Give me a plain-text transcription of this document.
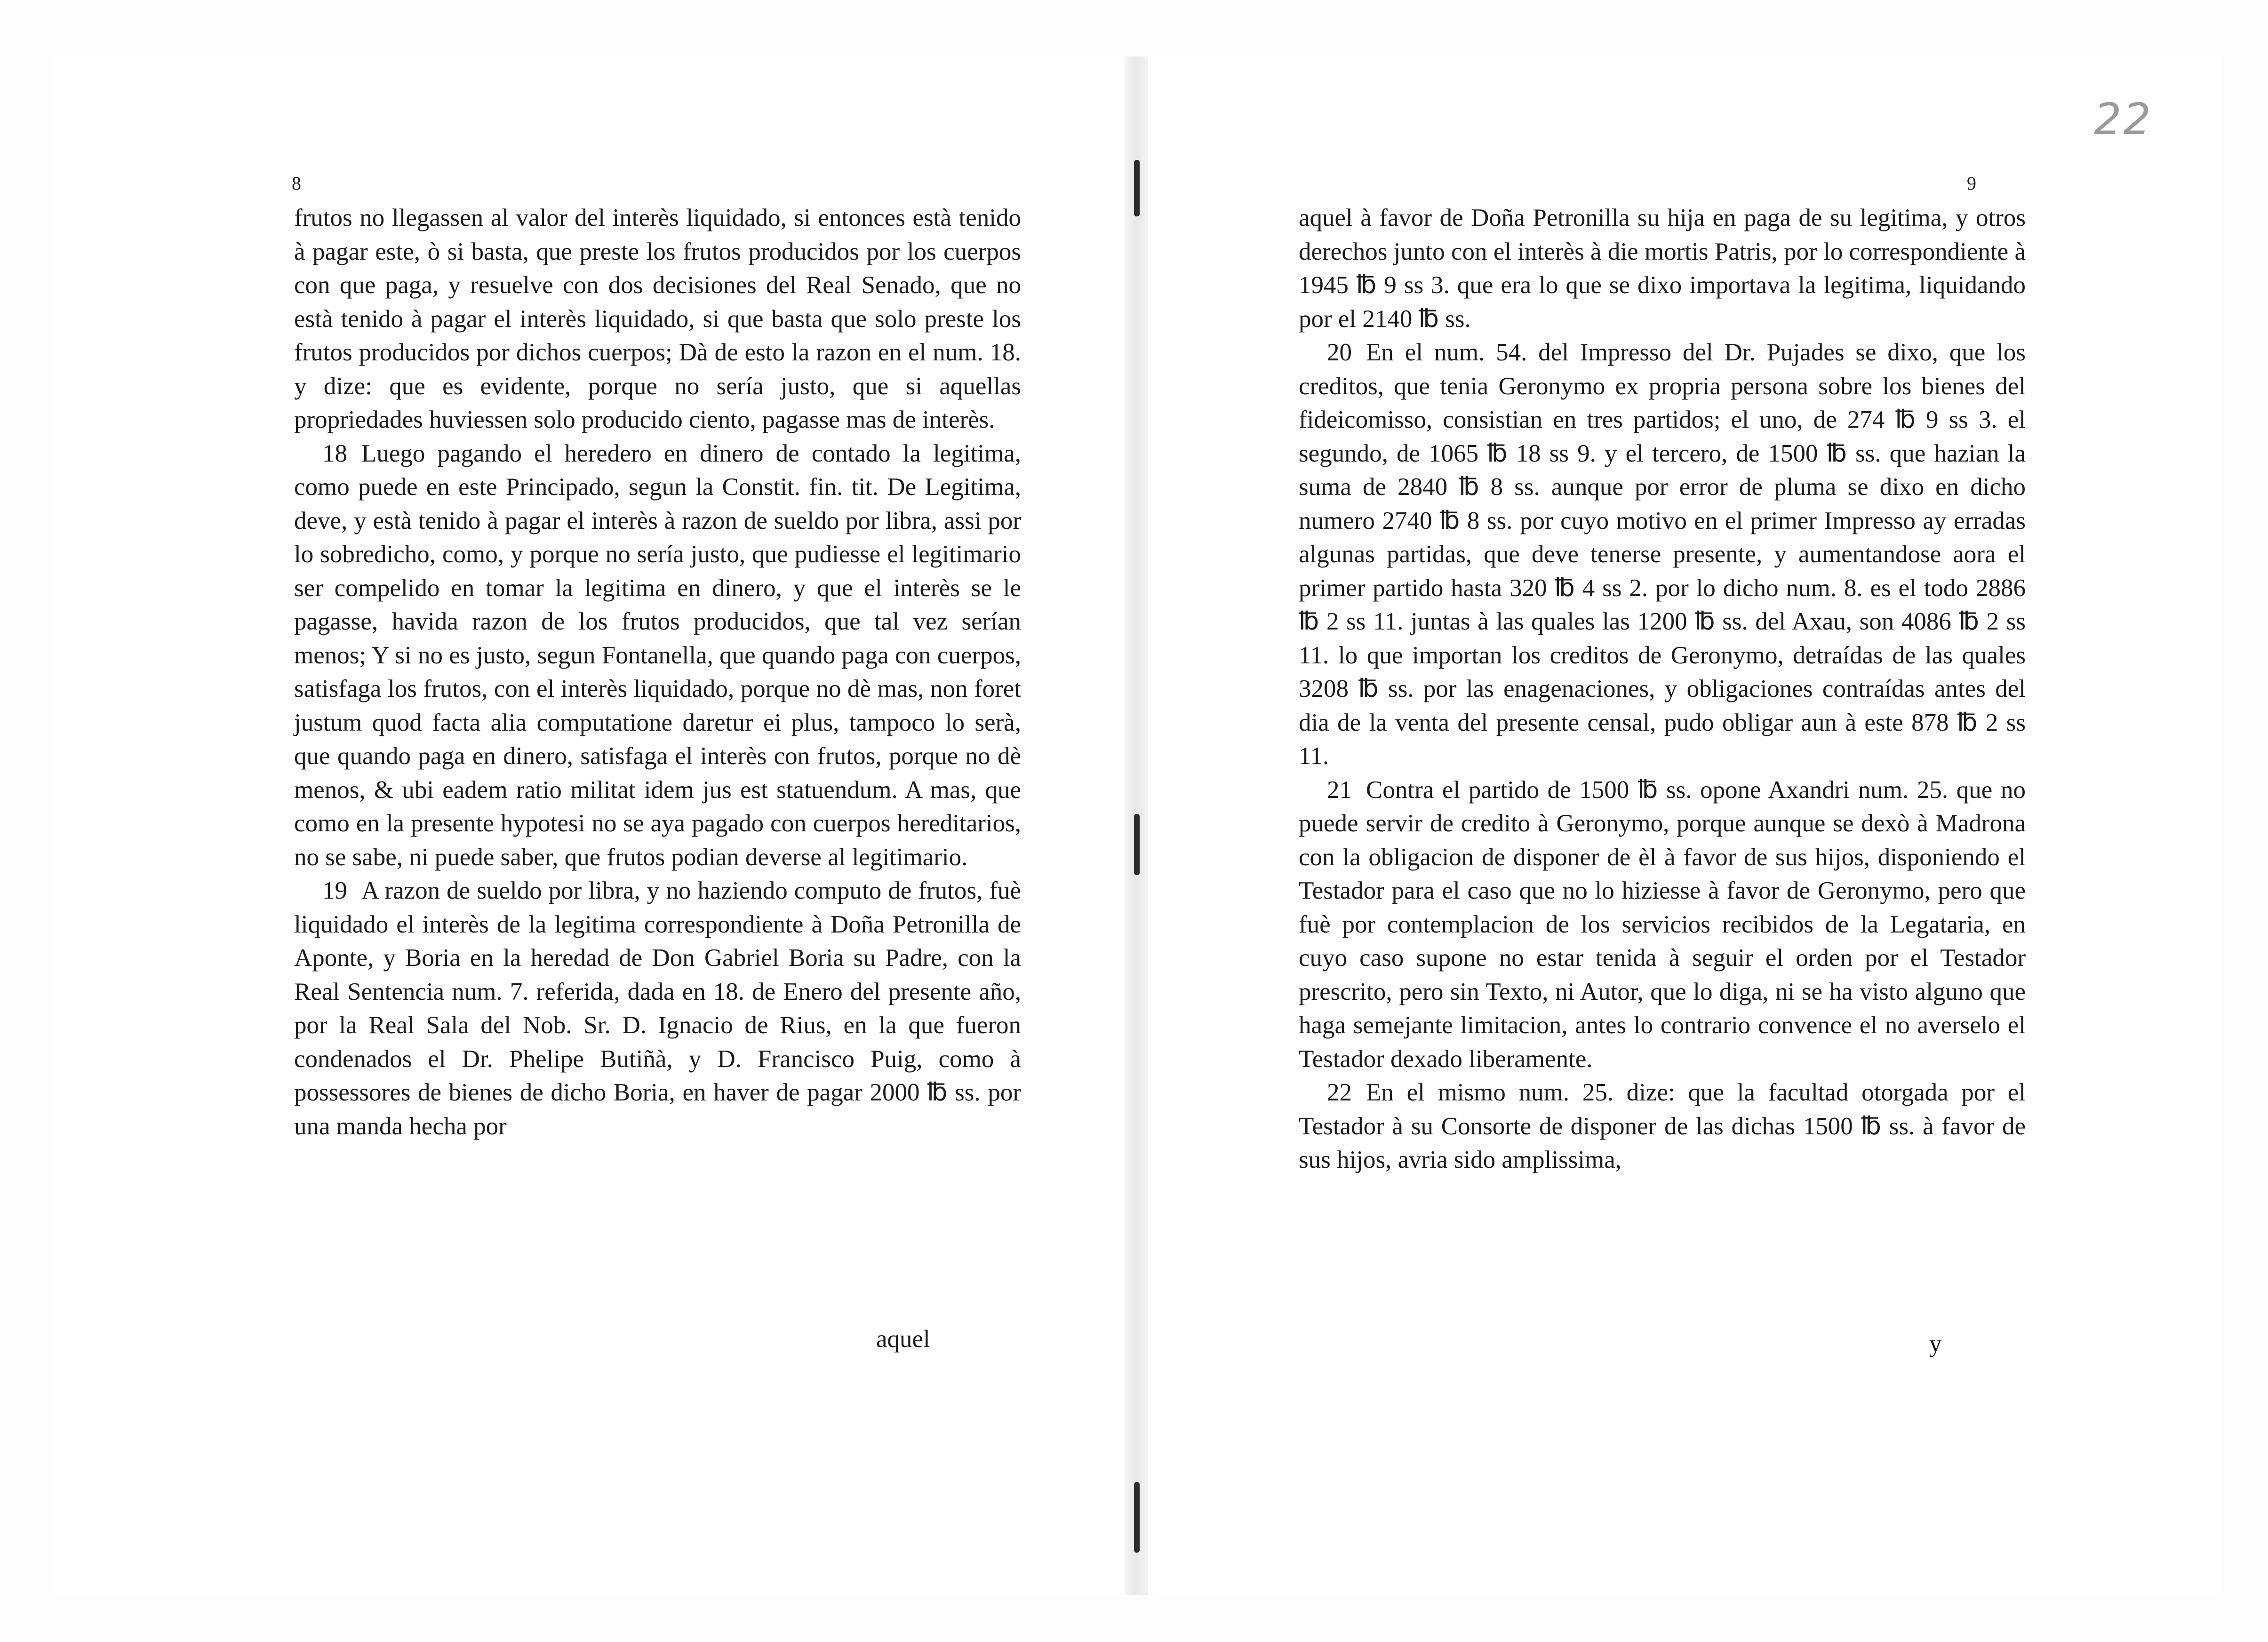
22
8

frutos no llegassen al valor del interès liquidado, si entonces està tenido à pagar este, ò si basta, que preste los frutos producidos por los cuerpos con que paga, y resuelve con dos decisiones del Real Senado, que no està tenido à pagar el interès liquidado, si que basta que solo preste los frutos producidos por dichos cuerpos; Dà de esto la razon en el num. 18. y dize: que es evidente, porque no sería justo, que si aquellas propriedades huviessen solo producido ciento, pagasse mas de interès.

18 Luego pagando el heredero en dinero de contado la legitima, como puede en este Principado, segun la Constit. fin. tit. De Legitima, deve, y està tenido à pagar el interès à razon de sueldo por libra, assi por lo sobredicho, como, y porque no sería justo, que pudiesse el legitimario ser compelido en tomar la legitima en dinero, y que el interès se le pagasse, havida razon de los frutos producidos, que tal vez serían menos; Y si no es justo, segun Fontanella, que quando paga con cuerpos, satisfaga los frutos, con el interès liquidado, porque no dè mas, non foret justum quod facta alia computatione daretur ei plus, tampoco lo serà, que quando paga en dinero, satisfaga el interès con frutos, porque no dè menos, & ubi eadem ratio militat idem jus est statuendum. A mas, que como en la presente hypotesi no se aya pagado con cuerpos hereditarios, no se sabe, ni puede saber, que frutos podian deverse al legitimario.

19 A razon de sueldo por libra, y no haziendo computo de frutos, fuè liquidado el interès de la legitima correspondiente à Doña Petronilla de Aponte, y Boria en la heredad de Don Gabriel Boria su Padre, con la Real Sentencia num. 7. referida, dada en 18. de Enero del presente año, por la Real Sala del Nob. Sr. D. Ignacio de Rius, en la que fueron condenados el Dr. Phelipe Butiñà, y D. Francisco Puig, como à possessores de bienes de dicho Boria, en haver de pagar 2000 ℔ ss. por una manda hecha por

aquel
9

aquel à favor de Doña Petronilla su hija en paga de su legitima, y otros derechos junto con el interès à die mortis Patris, por lo correspondiente à 1945 ℔ 9 ss 3. que era lo que se dixo importava la legitima, liquidando por el 2140 ℔ ss.

20 En el num. 54. del Impresso del Dr. Pujades se dixo, que los creditos, que tenia Geronymo ex propria persona sobre los bienes del fideicomisso, consistian en tres partidos; el uno, de 274 ℔ 9 ss 3. el segundo, de 1065 ℔ 18 ss 9. y el tercero, de 1500 ℔ ss. que hazian la suma de 2840 ℔ 8 ss. aunque por error de pluma se dixo en dicho numero 2740 ℔ 8 ss. por cuyo motivo en el primer Impresso ay erradas algunas partidas, que deve tenerse presente, y aumentandose aora el primer partido hasta 320 ℔ 4 ss 2. por lo dicho num. 8. es el todo 2886 ℔ 2 ss 11. juntas à las quales las 1200 ℔ ss. del Axau, son 4086 ℔ 2 ss 11. lo que importan los creditos de Geronymo, detraídas de las quales 3208 ℔ ss. por las enagenaciones, y obligaciones contraídas antes del dia de la venta del presente censal, pudo obligar aun à este 878 ℔ 2 ss 11.

21 Contra el partido de 1500 ℔ ss. opone Axandri num. 25. que no puede servir de credito à Geronymo, porque aunque se dexò à Madrona con la obligacion de disponer de èl à favor de sus hijos, disponiendo el Testador para el caso que no lo hiziesse à favor de Geronymo, pero que fuè por contemplacion de los servicios recibidos de la Legataria, en cuyo caso supone no estar tenida à seguir el orden por el Testador prescrito, pero sin Texto, ni Autor, que lo diga, ni se ha visto alguno que haga semejante limitacion, antes lo contrario convence el no averselo el Testador dexado liberamente.

22 En el mismo num. 25. dize: que la facultad otorgada por el Testador à su Consorte de disponer de las dichas 1500 ℔ ss. à favor de sus hijos, avria sido amplissima,

y
